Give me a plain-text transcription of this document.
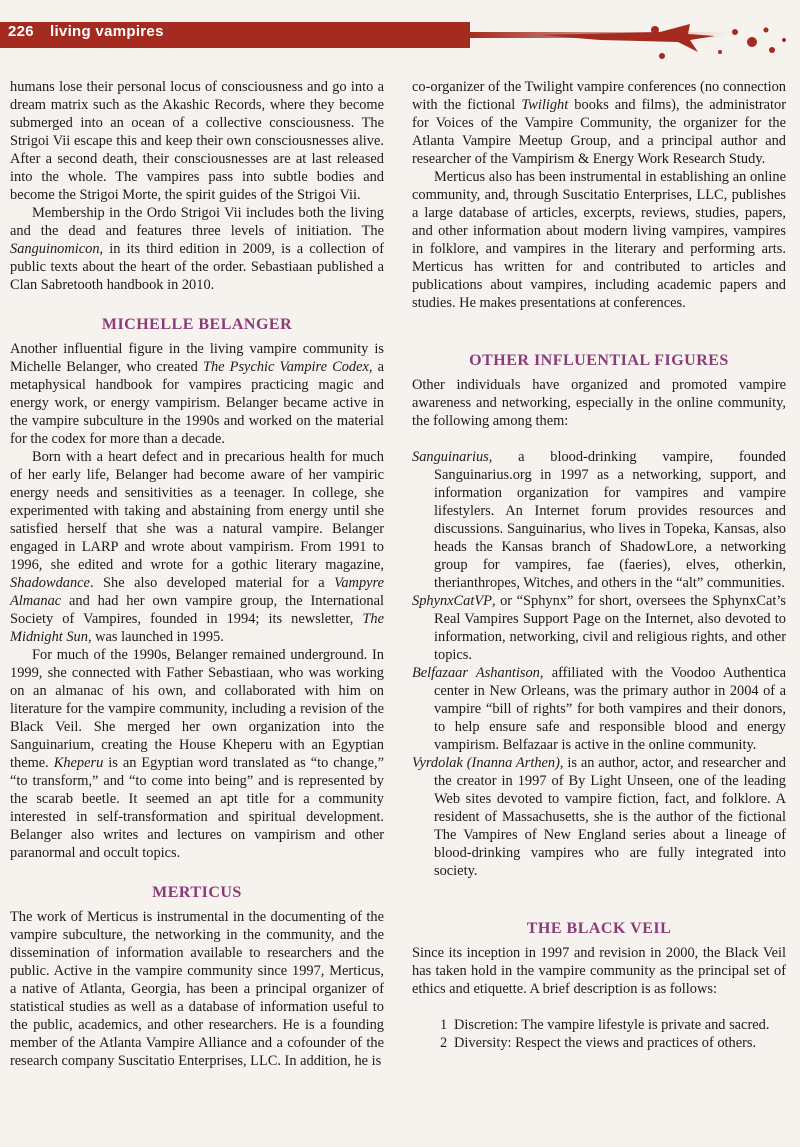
226 living vampires

humans lose their personal locus of consciousness and go into a dream matrix such as the Akashic Records, where they become submerged into an ocean of a collective consciousness. The Strigoi Vii escape this and keep their own consciousnesses alive. After a second death, their consciousnesses are at last released into the whole. The vampires pass into subtle bodies and become the Strigoi Morte, the spirit guides of the Strigoi Vii.

Membership in the Ordo Strigoi Vii includes both the living and the dead and features three levels of initiation. The Sanguinomicon, in its third edition in 2009, is a collection of public texts about the heart of the order. Sebastiaan published a Clan Sabretooth handbook in 2010.

MICHELLE BELANGER

Another influential figure in the living vampire community is Michelle Belanger, who created The Psychic Vampire Codex, a metaphysical handbook for vampires practicing magic and energy work, or energy vampirism. Belanger became active in the vampire subculture in the 1990s and worked on the material for the codex for more than a decade.

Born with a heart defect and in precarious health for much of her early life, Belanger had become aware of her vampiric energy needs and sensitivities as a teenager. In college, she experimented with taking and abstaining from energy until she satisfied herself that she was a natural vampire. Belanger engaged in LARP and wrote about vampirism. From 1991 to 1996, she edited and wrote for a gothic literary magazine, Shadowdance. She also developed material for a Vampyre Almanac and had her own vampire group, the International Society of Vampires, founded in 1994; its newsletter, The Midnight Sun, was launched in 1995.

For much of the 1990s, Belanger remained underground. In 1999, she connected with Father Sebastiaan, who was working on an almanac of his own, and collaborated with him on literature for the vampire community, including a revision of the Black Veil. She merged her own organization into the Sanguinarium, creating the House Kheperu with an Egyptian theme. Kheperu is an Egyptian word translated as “to change,” “to transform,” and “to come into being” and is represented by the scarab beetle. It seemed an apt title for a community interested in self-transformation and spiritual development. Belanger also writes and lectures on vampirism and other paranormal and occult topics.

MERTICUS

The work of Merticus is instrumental in the documenting of the vampire subculture, the networking in the community, and the dissemination of information available to researchers and the public. Active in the vampire community since 1997, Merticus, a native of Atlanta, Georgia, has been a principal organizer of statistical studies as well as a database of information useful to the public, academics, and other researchers. He is a founding member of the Atlanta Vampire Alliance and a cofounder of the research company Suscitatio Enterprises, LLC. In addition, he is

co-organizer of the Twilight vampire conferences (no connection with the fictional Twilight books and films), the administrator for Voices of the Vampire Community, the organizer for the Atlanta Vampire Meetup Group, and a principal author and researcher of the Vampirism & Energy Work Research Study.

Merticus also has been instrumental in establishing an online community, and, through Suscitatio Enterprises, LLC, publishes a large database of articles, excerpts, reviews, studies, papers, and other information about modern living vampires, vampires in folklore, and vampires in the literary and performing arts. Merticus has written for and contributed to articles and publications about vampires, including academic papers and studies. He makes presentations at conferences.

OTHER INFLUENTIAL FIGURES

Other individuals have organized and promoted vampire awareness and networking, especially in the online community, the following among them:

Sanguinarius, a blood-drinking vampire, founded Sanguinarius.org in 1997 as a networking, support, and information organization for vampires and vampire lifestylers. An Internet forum provides resources and discussions. Sanguinarius, who lives in Topeka, Kansas, also heads the Kansas branch of ShadowLore, a networking group for vampires, fae (faeries), elves, otherkin, therianthropes, Witches, and others in the “alt” communities.

SphynxCatVP, or “Sphynx” for short, oversees the SphynxCat’s Real Vampires Support Page on the Internet, also devoted to information, networking, civil and religious rights, and other topics.

Belfazaar Ashantison, affiliated with the Voodoo Authentica center in New Orleans, was the primary author in 2004 of a vampire “bill of rights” for both vampires and their donors, to help ensure safe and responsible blood and energy vampirism. Belfazaar is active in the online community.

Vyrdolak (Inanna Arthen), is an author, actor, and researcher and the creator in 1997 of By Light Unseen, one of the leading Web sites devoted to vampire fiction, fact, and folklore. A resident of Massachusetts, she is the author of the fictional The Vampires of New England series about a lineage of blood-drinking vampires who are fully integrated into society.

THE BLACK VEIL

Since its inception in 1997 and revision in 2000, the Black Veil has taken hold in the vampire community as the principal set of ethics and etiquette. A brief description is as follows:

1 Discretion: The vampire lifestyle is private and sacred.

2 Diversity: Respect the views and practices of others.
